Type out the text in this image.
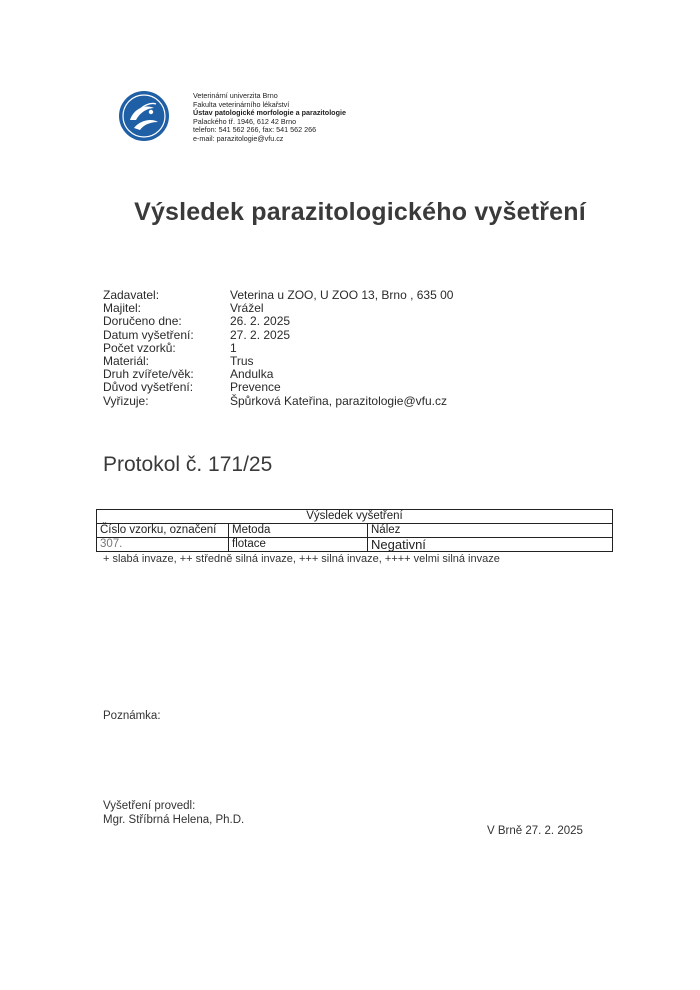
Veterinární univerzita Brno
Fakulta veterinárního lékařství
Ústav patologické morfologie a parazitologie
Palackého tř. 1946, 612 42 Brno
telefon: 541 562 266, fax: 541 562 266
e-mail: parazitologie@vfu.cz
Výsledek parazitologického vyšetření
Zadavatel:	Veterina u ZOO, U ZOO 13, Brno , 635 00
Majitel:	Vrážel
Doručeno dne:	26. 2. 2025
Datum vyšetření:	27. 2. 2025
Počet vzorků:	1
Materiál:	Trus
Druh zvířete/věk:	Andulka
Důvod vyšetření:	Prevence
Vyřizuje:	Špůrková Kateřina, parazitologie@vfu.cz
Protokol č. 171/25
Výsledek vyšetření		
Číslo vzorku, označení	Metoda	Nález
307.	flotace	Negativní
+ slabá invaze, ++ středně silná invaze, +++ silná invaze, ++++ velmi silná invaze
Poznámka:
Vyšetření provedl:
Mgr. Stříbrná Helena, Ph.D.
V Brně 27. 2. 2025
